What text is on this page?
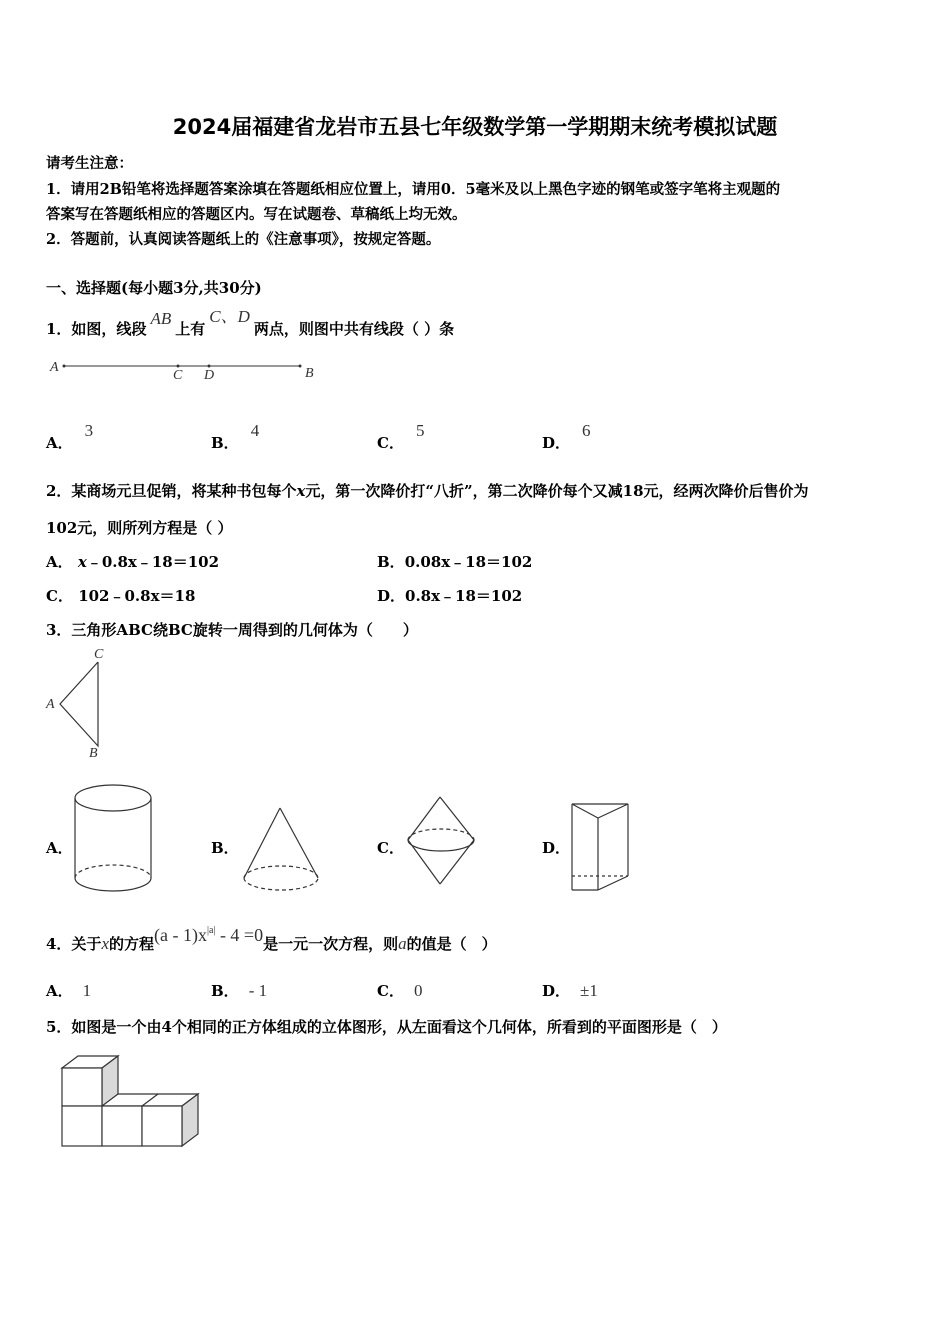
2024届福建省龙岩市五县七年级数学第一学期期末统考模拟试题
请考生注意：
1．请用2B铅笔将选择题答案涂填在答题纸相应位置上，请用0．5毫米及以上黑色字迹的钢笔或签字笔将主观题的
答案写在答题纸相应的答题区内。写在试题卷、草稿纸上均无效。
2．答题前，认真阅读答题纸上的《注意事项》，按规定答题。
一、选择题(每小题3分,共30分)
1．如图，线段AB上有C、D两点，则图中共有线段（ ）条
A
C D	B
A．3
B．4
C．5
D．6
2．某商场元旦促销，将某种书包每个x元，第一次降价打“八折”，第二次降价每个又减18元，经两次降价后售价为
102元，则所列方程是（ ）
A． x﹣0.8x﹣18＝102	B．0.08x﹣18＝102
C． 102﹣0.8x＝18	D．0.8x﹣18＝102
3．三角形ABC绕BC旋转一周得到的几何体为（　　）
C
A
B
A．	B．	C．	D．
4．关于x的方程$(a - 1)x^{|a|} - 4 =0$是一元一次方程，则a的值是（　）
A． 1	B． - 1	C． 0	D． ±1
5．如图是一个由4个相同的正方体组成的立体图形，从左面看这个几何体，所看到的平面图形是（　）
